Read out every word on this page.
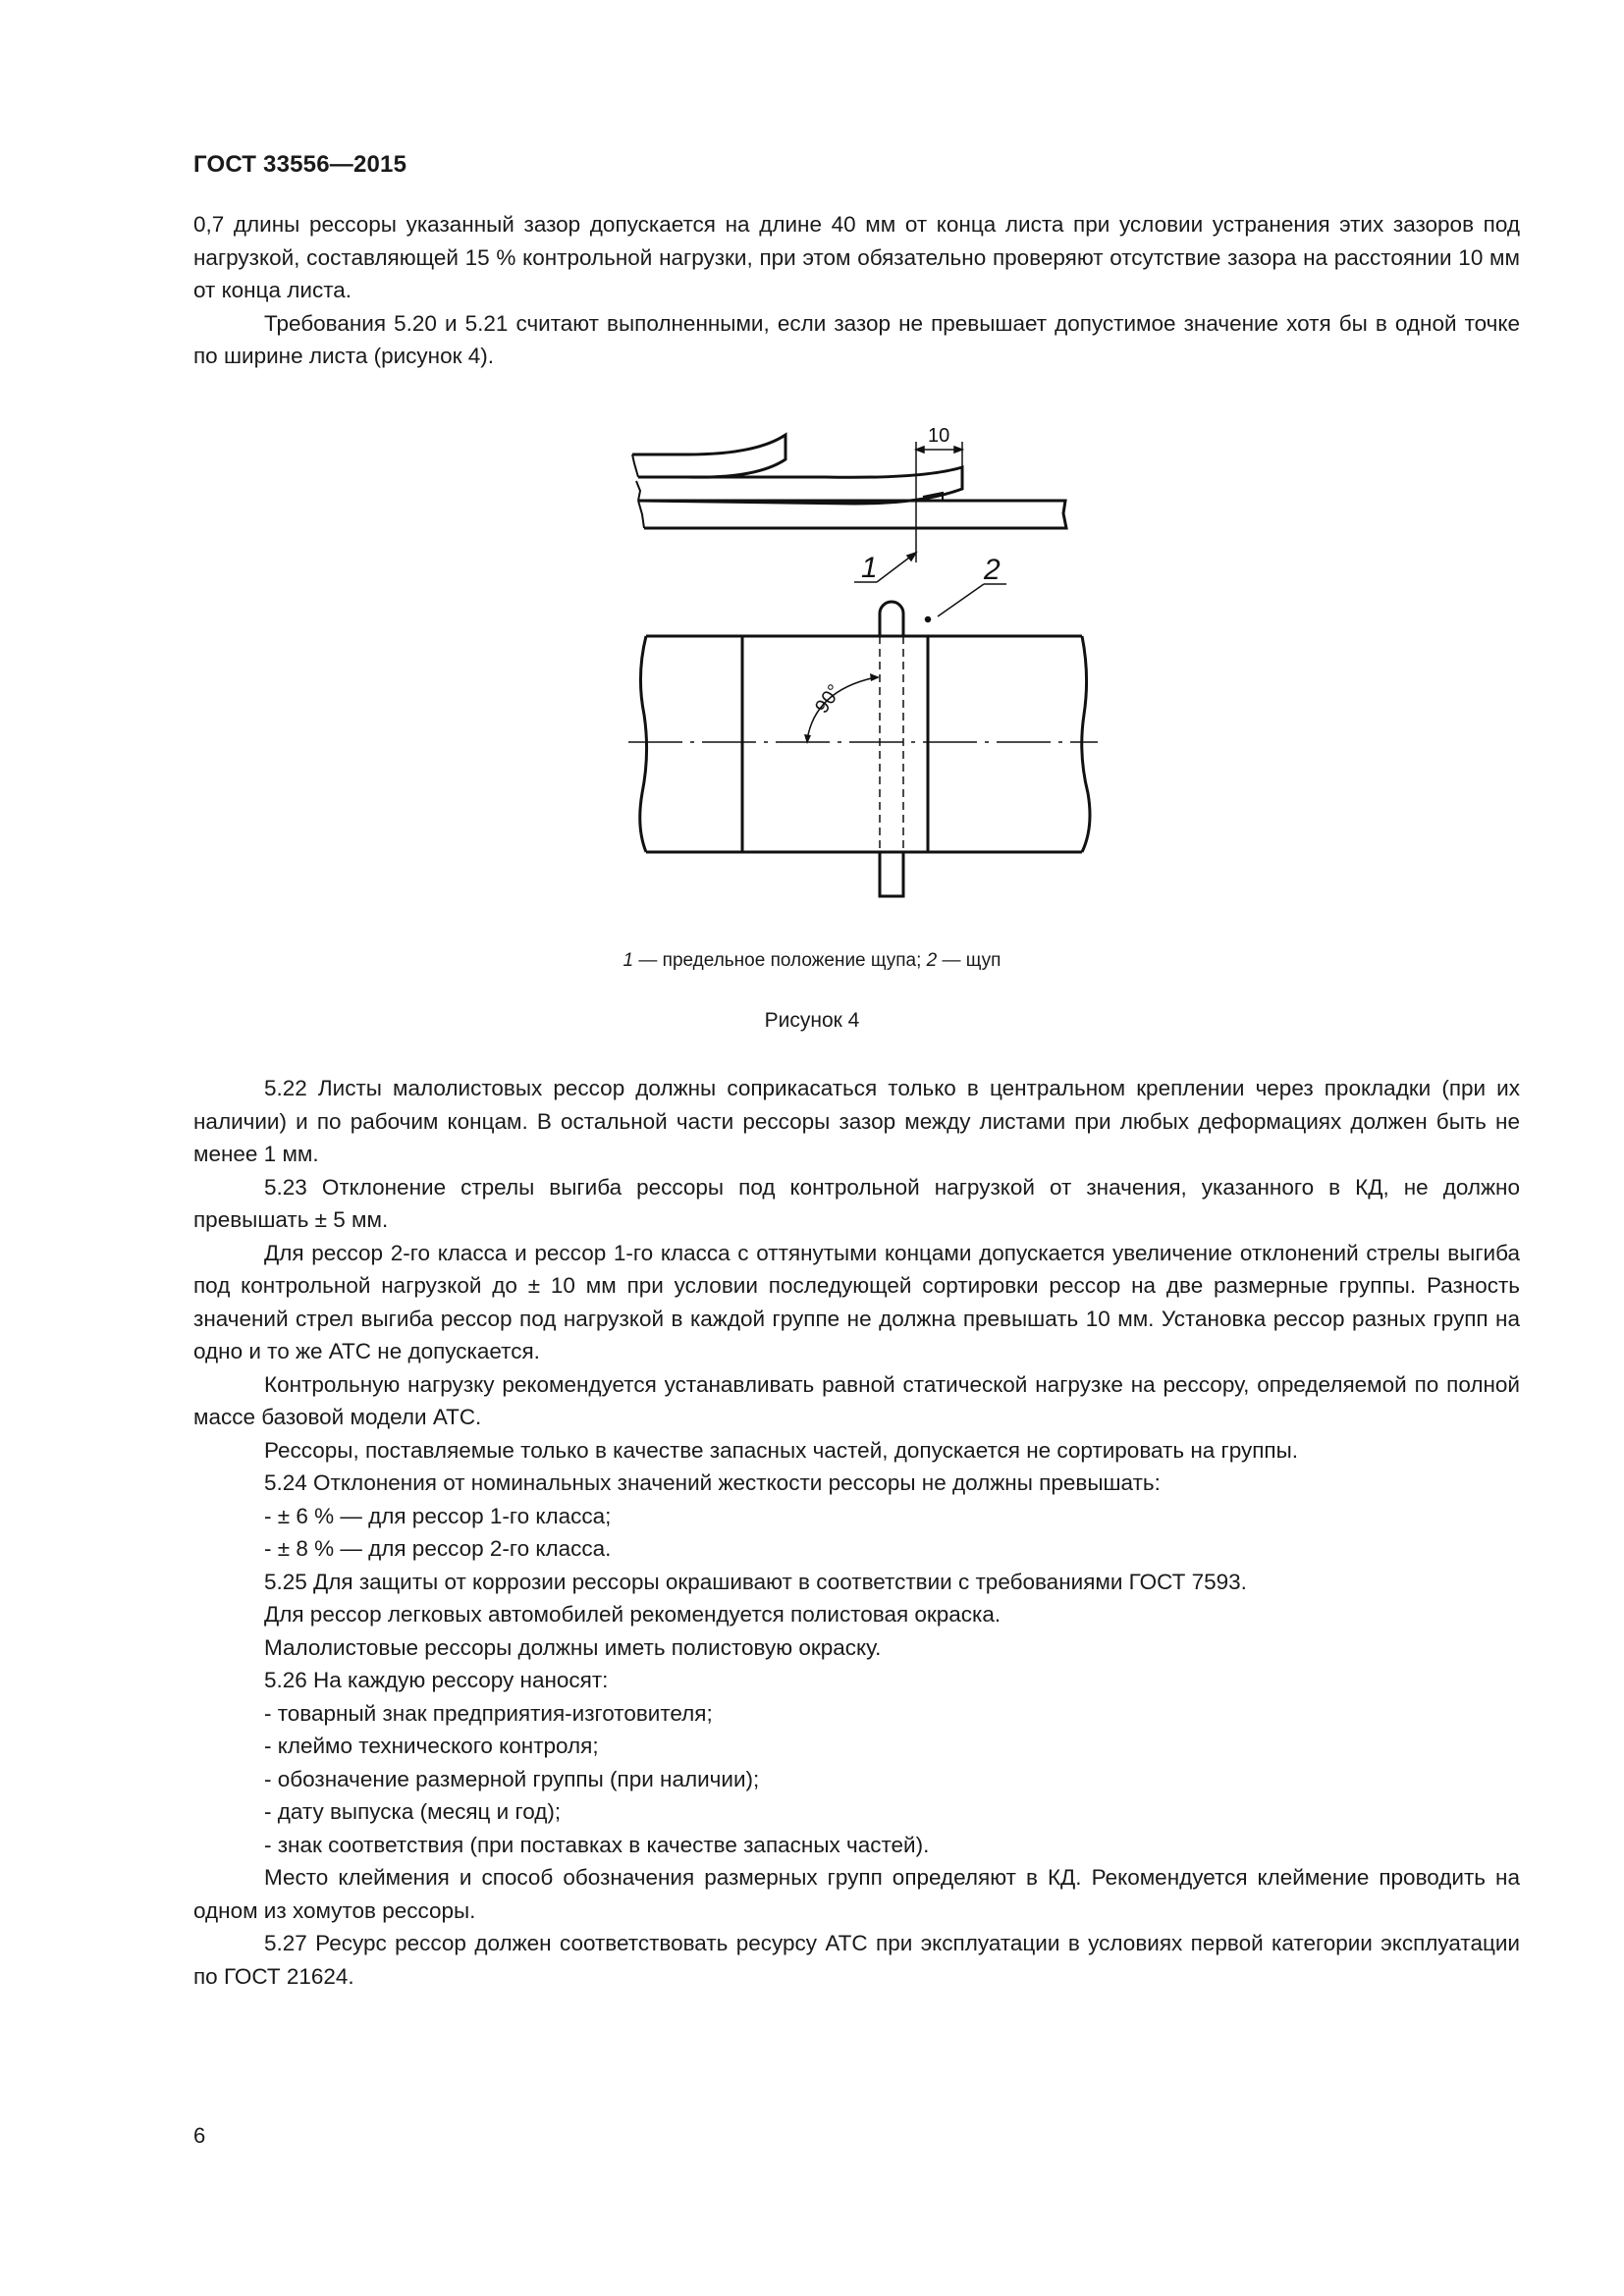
ГОСТ 33556—2015

0,7 длины рессоры указанный зазор допускается на длине 40 мм от конца листа при условии устранения этих зазоров под нагрузкой, составляющей 15 % контрольной нагрузки, при этом обязательно проверяют отсутствие зазора на расстоянии 10 мм от конца листа.

Требования 5.20 и 5.21 считают выполненными, если зазор не превышает допустимое значение хотя бы в одной точке по ширине листа (рисунок 4).

1	2
10
90°
1 — предельное положение щупа; 2 — щуп
Рисунок 4

5.22 Листы малолистовых рессор должны соприкасаться только в центральном креплении через прокладки (при их наличии) и по рабочим концам. В остальной части рессоры зазор между листами при любых деформациях должен быть не менее 1 мм.

5.23 Отклонение стрелы выгиба рессоры под контрольной нагрузкой от значения, указанного в КД, не должно превышать ± 5 мм.

Для рессор 2-го класса и рессор 1-го класса с оттянутыми концами допускается увеличение отклонений стрелы выгиба под контрольной нагрузкой до ± 10 мм при условии последующей сортировки рессор на две размерные группы. Разность значений стрел выгиба рессор под нагрузкой в каждой группе не должна превышать 10 мм. Установка рессор разных групп на одно и то же АТС не допускается.

Контрольную нагрузку рекомендуется устанавливать равной статической нагрузке на рессору, определяемой по полной массе базовой модели АТС.

Рессоры, поставляемые только в качестве запасных частей, допускается не сортировать на группы.

5.24 Отклонения от номинальных значений жесткости рессоры не должны превышать:

- ± 6 % — для рессор 1-го класса;

- ± 8 % — для рессор 2-го класса.

5.25 Для защиты от коррозии рессоры окрашивают в соответствии с требованиями ГОСТ 7593.

Для рессор легковых автомобилей рекомендуется полистовая окраска.

Малолистовые рессоры должны иметь полистовую окраску.

5.26 На каждую рессору наносят:

- товарный знак предприятия-изготовителя;

- клеймо технического контроля;

- обозначение размерной группы (при наличии);

- дату выпуска (месяц и год);

- знак соответствия (при поставках в качестве запасных частей).

Место клеймения и способ обозначения размерных групп определяют в КД. Рекомендуется клеймение проводить на одном из хомутов рессоры.

5.27 Ресурс рессор должен соответствовать ресурсу АТС при эксплуатации в условиях первой категории эксплуатации по ГОСТ 21624.

6
